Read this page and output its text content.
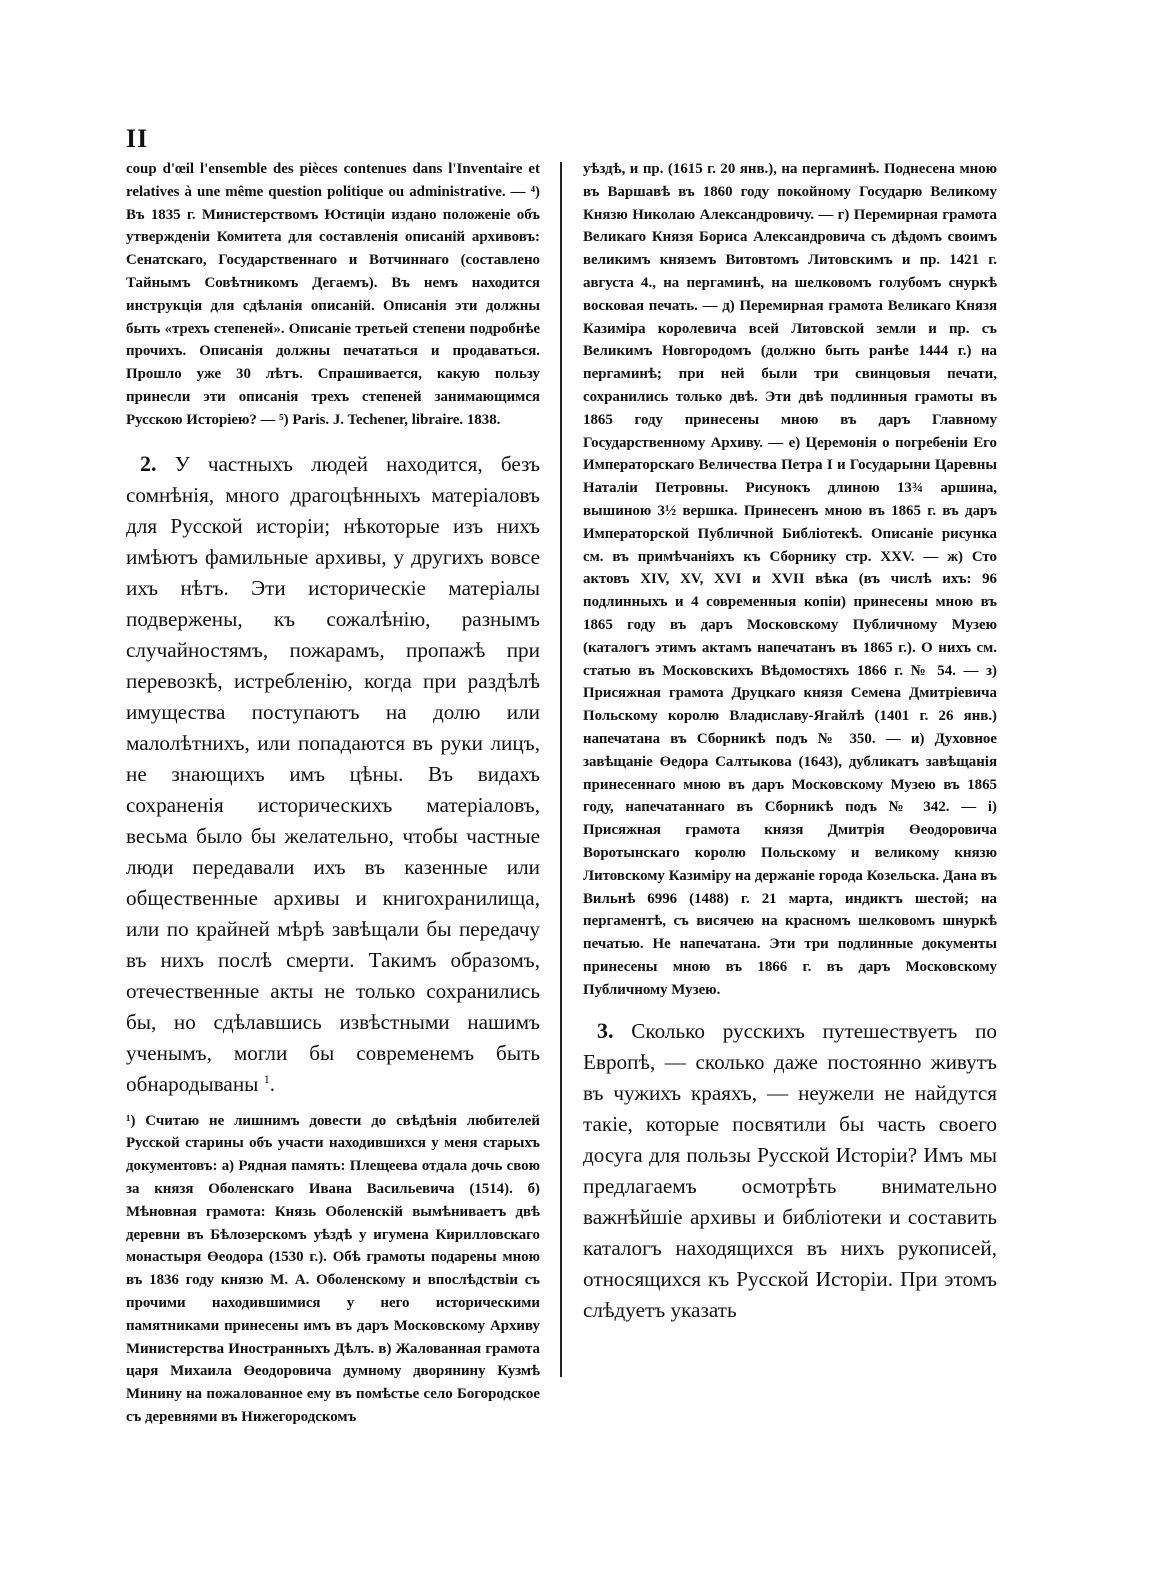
II

coup d'œil l'ensemble des pièces contenues dans l'Inventaire et relatives à une même question politique ou administrative. — ⁴) Въ 1835 г. Министерствомъ Юстиціи издано положеніе объ утвержденіи Комитета для составленія описаній архивовъ: Сенатскаго, Государственнаго и Вотчиннаго (составлено Тайнымъ Совѣтникомъ Дегаемъ). Въ немъ находится инструкція для сдѣланія описаній. Описанія эти должны быть «трехъ степеней». Описаніе третьей степени подробнѣе прочихъ. Описанія должны печататься и продаваться. Прошло уже 30 лѣтъ. Спрашивается, какую пользу принесли эти описанія трехъ степеней занимающимся Русскою Исторіею? — ⁵) Paris. J. Techener, libraire. 1838.

2. У частныхъ людей находится, безъ сомнѣнія, много драгоцѣнныхъ матеріаловъ для Русской исторіи; нѣкоторые изъ нихъ имѣютъ фамильные архивы, у другихъ вовсе ихъ нѣтъ. Эти историческіе матеріалы подвержены, къ сожалѣнію, разнымъ случайностямъ, пожарамъ, пропажѣ при перевозкѣ, истребленію, когда при раздѣлѣ имущества поступаютъ на долю или малолѣтнихъ, или попадаются въ руки лицъ, не знающихъ имъ цѣны. Въ видахъ сохраненія историческихъ матеріаловъ, весьма было бы желательно, чтобы частные люди передавали ихъ въ казенные или общественные архивы и книгохранилища, или по крайней мѣрѣ завѣщали бы передачу въ нихъ послѣ смерти. Такимъ образомъ, отечественные акты не только сохранились бы, но сдѣлавшись извѣстными нашимъ ученымъ, могли бы современемъ быть обнародываны $^1$.

¹) Считаю не лишнимъ довести до свѣдѣнія любителей Русской старины объ участи находившихся у меня старыхъ документовъ: а) Рядная память: Плещеева отдала дочь свою за князя Оболенскаго Ивана Васильевича (1514). б) Мѣновная грамота: Князь Оболенскій вымѣниваетъ двѣ деревни въ Бѣлозерскомъ уѣздѣ у игумена Кирилловскаго монастыря Өеодора (1530 г.). Обѣ грамоты подарены мною въ 1836 году князю М. А. Оболенскому и впослѣдствіи съ прочими находившимися у него историческими памятниками принесены имъ въ даръ Московскому Архиву Министерства Иностранныхъ Дѣлъ. в) Жалованная грамота царя Михаила Өеодоровича думному дворянину Кузмѣ Минину на пожалованное ему въ помѣстье село Богородское съ деревнями въ Нижегородскомъ

уѣздѣ, и пр. (1615 г. 20 янв.), на пергаминѣ. Поднесена мною въ Варшавѣ въ 1860 году покойному Государю Великому Князю Николаю Александровичу. — г) Перемирная грамота Великаго Князя Бориса Александровича съ дѣдомъ своимъ великимъ княземъ Витовтомъ Литовскимъ и пр. 1421 г. августа 4., на пергаминѣ, на шелковомъ голубомъ снуркѣ восковая печать. — д) Перемирная грамота Великаго Князя Казиміра королевича всей Литовской земли и пр. съ Великимъ Новгородомъ (должно быть ранѣе 1444 г.) на пергаминѣ; при ней были три свинцовыя печати, сохранились только двѣ. Эти двѣ подлинныя грамоты въ 1865 году принесены мною въ даръ Главному Государственному Архиву. — е) Церемонія о погребеніи Его Императорскаго Величества Петра I и Государыни Царевны Наталіи Петровны. Рисунокъ длиною 13¾ аршина, вышиною 3½ вершка. Принесенъ мною въ 1865 г. въ даръ Императорской Публичной Библіотекѣ. Описаніе рисунка см. въ примѣчаніяхъ къ Сборнику стр. XXV. — ж) Сто актовъ XIV, XV, XVI и XVII вѣка (въ числѣ ихъ: 96 подлинныхъ и 4 современныя копіи) принесены мною въ 1865 году въ даръ Московскому Публичному Музею (каталогъ этимъ актамъ напечатанъ въ 1865 г.). О нихъ см. статью въ Московскихъ Вѣдомостяхъ 1866 г. № 54. — з) Присяжная грамота Друцкаго князя Семена Дмитріевича Польскому королю Владиславу-Ягайлѣ (1401 г. 26 янв.) напечатана въ Сборникѣ подъ № 350. — и) Духовное завѣщаніе Өедора Салтыкова (1643), дубликатъ завѣщанія принесеннаго мною въ даръ Московскому Музею въ 1865 году, напечатаннаго въ Сборникѣ подъ № 342. — і) Присяжная грамота князя Дмитрія Өеодоровича Воротынскаго королю Польскому и великому князю Литовскому Казиміру на держаніе города Козельска. Дана въ Вильнѣ 6996 (1488) г. 21 марта, индиктъ шестой; на пергаментѣ, съ висячею на красномъ шелковомъ шнуркѣ печатью. Не напечатана. Эти три подлинные документы принесены мною въ 1866 г. въ даръ Московскому Публичному Музею.

3. Сколько русскихъ путешествуетъ по Европѣ, — сколько даже постоянно живутъ въ чужихъ краяхъ, — неужели не найдутся такіе, которые посвятили бы часть своего досуга для пользы Русской Исторіи? Имъ мы предлагаемъ осмотрѣть внимательно важнѣйшіе архивы и библіотеки и составить каталогъ находящихся въ нихъ рукописей, относящихся къ Русской Исторіи. При этомъ слѣдуетъ указать
